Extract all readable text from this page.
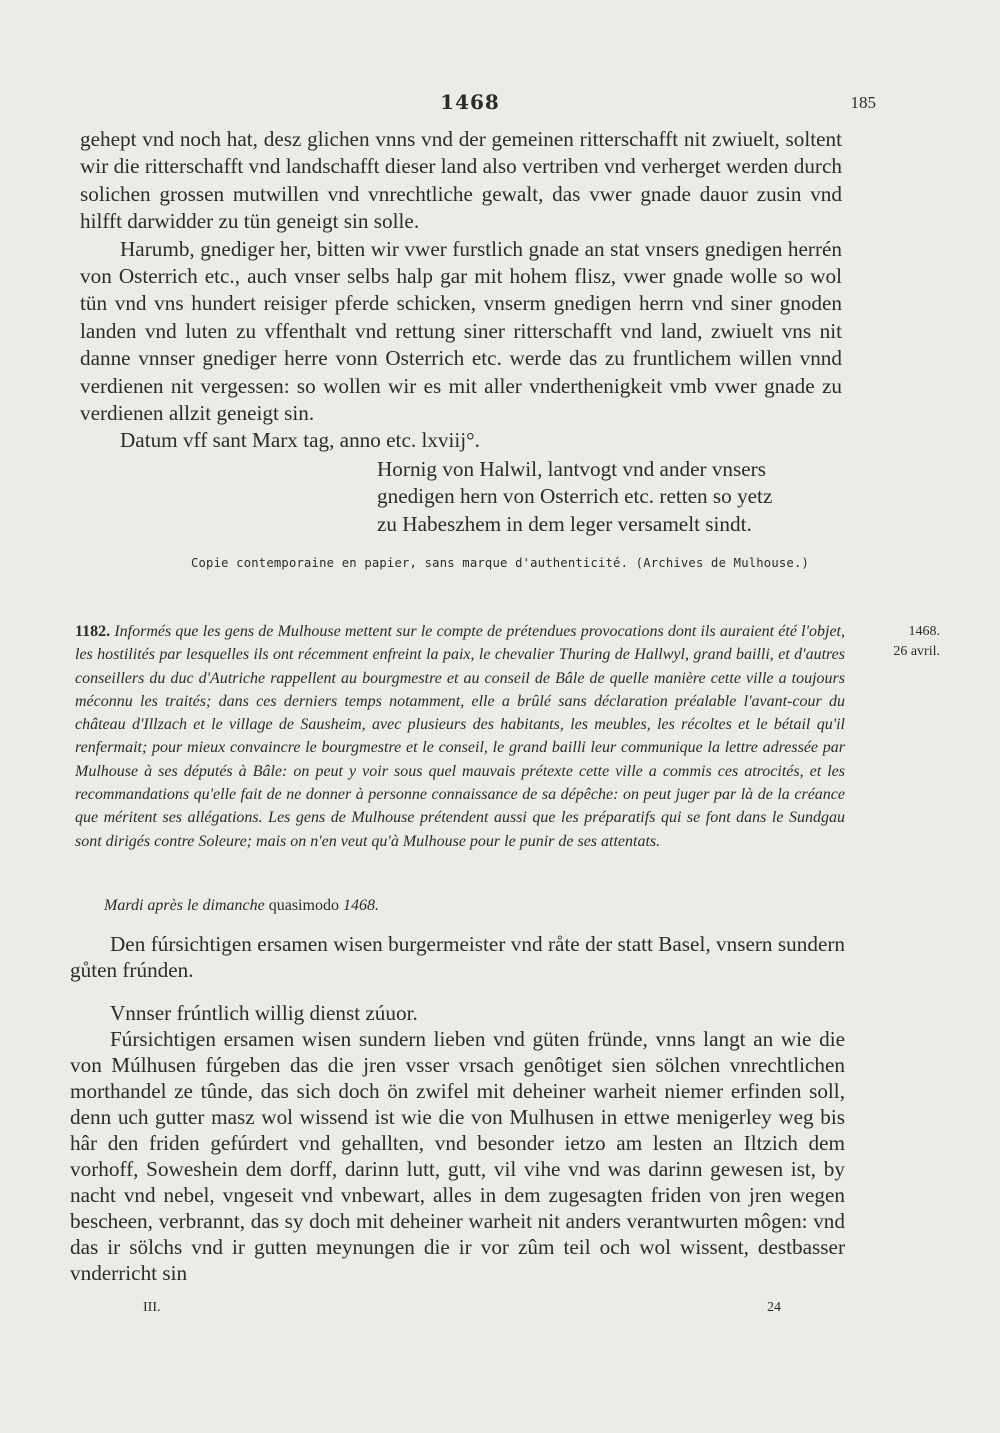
1468	185

gehept vnd noch hat, desz glichen vnns vnd der gemeinen ritterschafft nit zwiuelt, soltent wir die ritterschafft vnd landschafft dieser land also vertriben vnd verherget werden durch solichen grossen mutwillen vnd vnrechtliche gewalt, das vwer gnade dauor zusin vnd hilfft darwidder zu tün geneigt sin solle.

Harumb, gnediger her, bitten wir vwer furstlich gnade an stat vnsers gnedigen herrén von Osterrich etc., auch vnser selbs halp gar mit hohem flisz, vwer gnade wolle so wol tün vnd vns hundert reisiger pferde schicken, vnserm gnedigen herrn vnd siner gnoden landen vnd luten zu vffenthalt vnd rettung siner ritterschafft vnd land, zwiuelt vns nit danne vnnser gnediger herre vonn Osterrich etc. werde das zu fruntlichem willen vnnd verdienen nit vergessen: so wollen wir es mit aller vnderthenigkeit vmb vwer gnade zu verdienen allzit geneigt sin.

Datum vff sant Marx tag, anno etc. lxviij°.

Hornig von Halwil, lantvogt vnd ander vnsers
gnedigen hern von Osterrich etc. retten so yetz
zu Habeszhem in dem leger versamelt sindt.
Copie contemporaine en papier, sans marque d'authenticité. (Archives de Mulhouse.)

1182. Informés que les gens de Mulhouse mettent sur le compte de prétendues provocations dont ils auraient été l'objet, les hostilités par lesquelles ils ont récemment enfreint la paix, le chevalier Thuring de Hallwyl, grand bailli, et d'autres conseillers du duc d'Autriche rappellent au bourgmestre et au conseil de Bâle de quelle manière cette ville a toujours méconnu les traités; dans ces derniers temps notamment, elle a brûlé sans déclaration préalable l'avant-cour du château d'Illzach et le village de Sausheim, avec plusieurs des habitants, les meubles, les récoltes et le bétail qu'il renfermait; pour mieux convaincre le bourgmestre et le conseil, le grand bailli leur communique la lettre adressée par Mulhouse à ses députés à Bâle: on peut y voir sous quel mauvais prétexte cette ville a commis ces atrocités, et les recommandations qu'elle fait de ne donner à personne connaissance de sa dépêche: on peut juger par là de la créance que méritent ses allégations. Les gens de Mulhouse prétendent aussi que les préparatifs qui se font dans le Sundgau sont dirigés contre Soleure; mais on n'en veut qu'à Mulhouse pour le punir de ses attentats.

Mardi après le dimanche quasimodo 1468.
1468.
26 avril.

Den fúrsichtigen ersamen wisen burgermeister vnd råte der statt Basel, vnsern sundern gůten frúnden.

Vnnser frúntlich willig dienst zúuor.

Fúrsichtigen ersamen wisen sundern lieben vnd güten fründe, vnns langt an wie die von Múlhusen fúrgeben das die jren vsser vrsach genôtiget sien sölchen vnrechtlichen morthandel ze tûnde, das sich doch ön zwifel mit deheiner warheit niemer erfinden soll, denn uch gutter masz wol wissend ist wie die von Mulhusen in ettwe menigerley weg bis hâr den friden gefúrdert vnd gehallten, vnd besonder ietzo am lesten an Iltzich dem vorhoff, Soweshein dem dorff, darinn lutt, gutt, vil vihe vnd was darinn gewesen ist, by nacht vnd nebel, vngeseit vnd vnbewart, alles in dem zugesagten friden von jren wegen bescheen, verbrannt, das sy doch mit deheiner warheit nit anders verantwurten môgen: vnd das ir sölchs vnd ir gutten meynungen die ir vor zûm teil och wol wissent, destbasser vnderricht sin

III.	24
